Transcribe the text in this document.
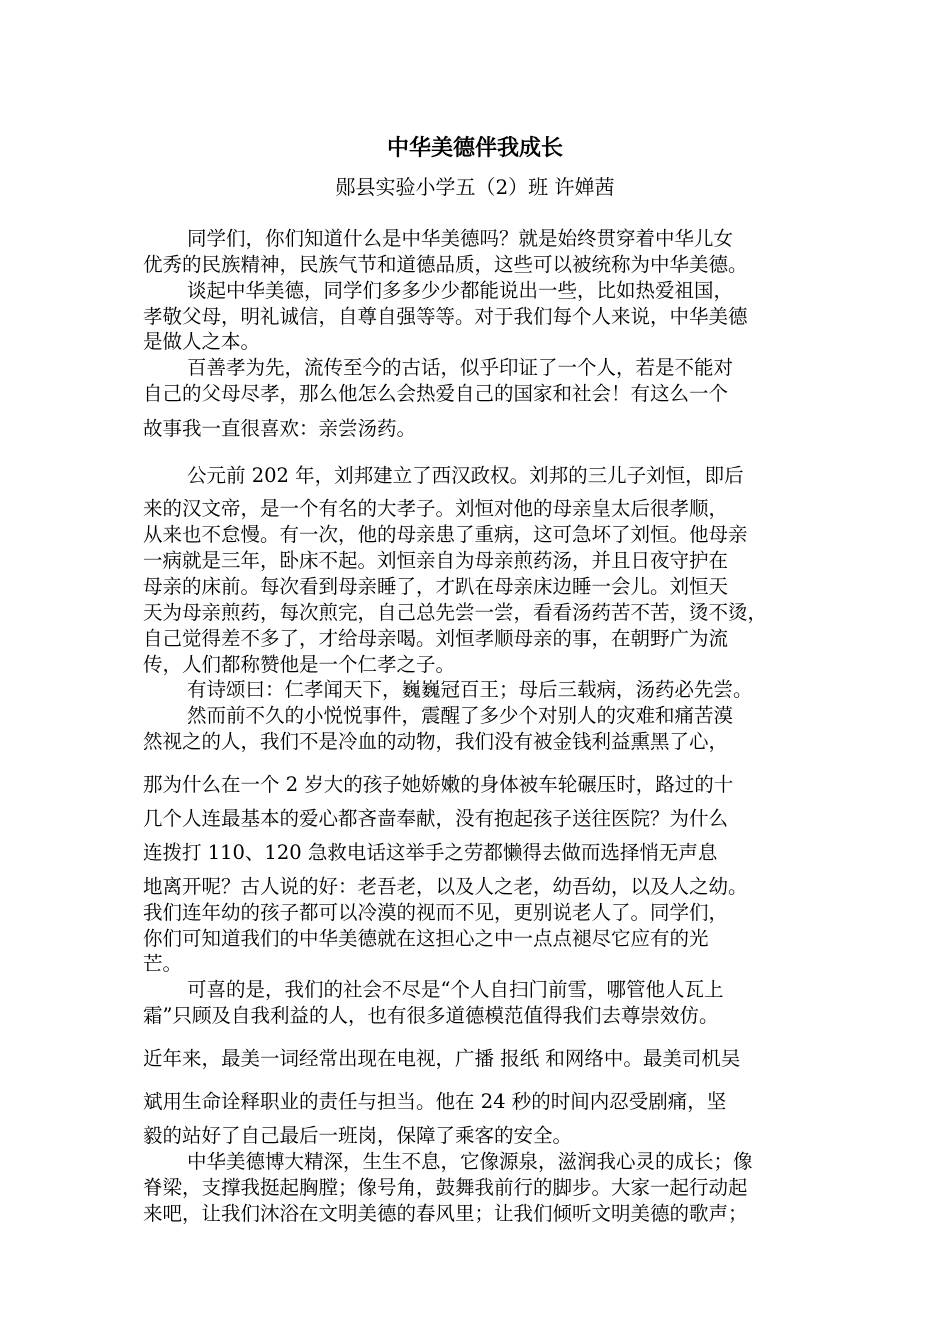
中华美德伴我成长
郧县实验小学五（2）班 许婵茜
同学们，你们知道什么是中华美德吗？就是始终贯穿着中华儿女
优秀的民族精神，民族气节和道德品质，这些可以被统称为中华美德。
谈起中华美德，同学们多多少少都能说出一些，比如热爱祖国，
孝敬父母，明礼诚信，自尊自强等等。对于我们每个人来说，中华美德
是做人之本。
百善孝为先，流传至今的古话，似乎印证了一个人，若是不能对
自己的父母尽孝，那么他怎么会热爱自己的国家和社会！有这么一个
故事我一直很喜欢：亲尝汤药。
公元前 202 年，刘邦建立了西汉政权。刘邦的三儿子刘恒，即后
来的汉文帝，是一个有名的大孝子。刘恒对他的母亲皇太后很孝顺，
从来也不怠慢。有一次，他的母亲患了重病，这可急坏了刘恒。他母亲
一病就是三年，卧床不起。刘恒亲自为母亲煎药汤，并且日夜守护在
母亲的床前。每次看到母亲睡了，才趴在母亲床边睡一会儿。刘恒天
天为母亲煎药，每次煎完，自己总先尝一尝，看看汤药苦不苦，烫不烫，
自己觉得差不多了，才给母亲喝。刘恒孝顺母亲的事，在朝野广为流
传，人们都称赞他是一个仁孝之子。
有诗颂曰：仁孝闻天下，巍巍冠百王；母后三载病，汤药必先尝。
然而前不久的小悦悦事件，震醒了多少个对别人的灾难和痛苦漠
然视之的人，我们不是冷血的动物，我们没有被金钱利益熏黑了心，
那为什么在一个 2 岁大的孩子她娇嫩的身体被车轮碾压时，路过的十
几个人连最基本的爱心都吝啬奉献，没有抱起孩子送往医院？为什么
连拨打 110、120 急救电话这举手之劳都懒得去做而选择悄无声息
地离开呢？古人说的好：老吾老，以及人之老，幼吾幼，以及人之幼。
我们连年幼的孩子都可以冷漠的视而不见，更别说老人了。同学们，
你们可知道我们的中华美德就在这担心之中一点点褪尽它应有的光
芒。
可喜的是，我们的社会不尽是“个人自扫门前雪，哪管他人瓦上
霜”只顾及自我利益的人，也有很多道德模范值得我们去尊崇效仿。
近年来，最美一词经常出现在电视，广播 报纸 和网络中。最美司机吴
斌用生命诠释职业的责任与担当。他在 24 秒的时间内忍受剧痛，坚
毅的站好了自己最后一班岗，保障了乘客的安全。
中华美德博大精深，生生不息，它像源泉，滋润我心灵的成长；像
脊梁，支撑我挺起胸膛；像号角，鼓舞我前行的脚步。大家一起行动起
来吧，让我们沐浴在文明美德的春风里；让我们倾听文明美德的歌声；
